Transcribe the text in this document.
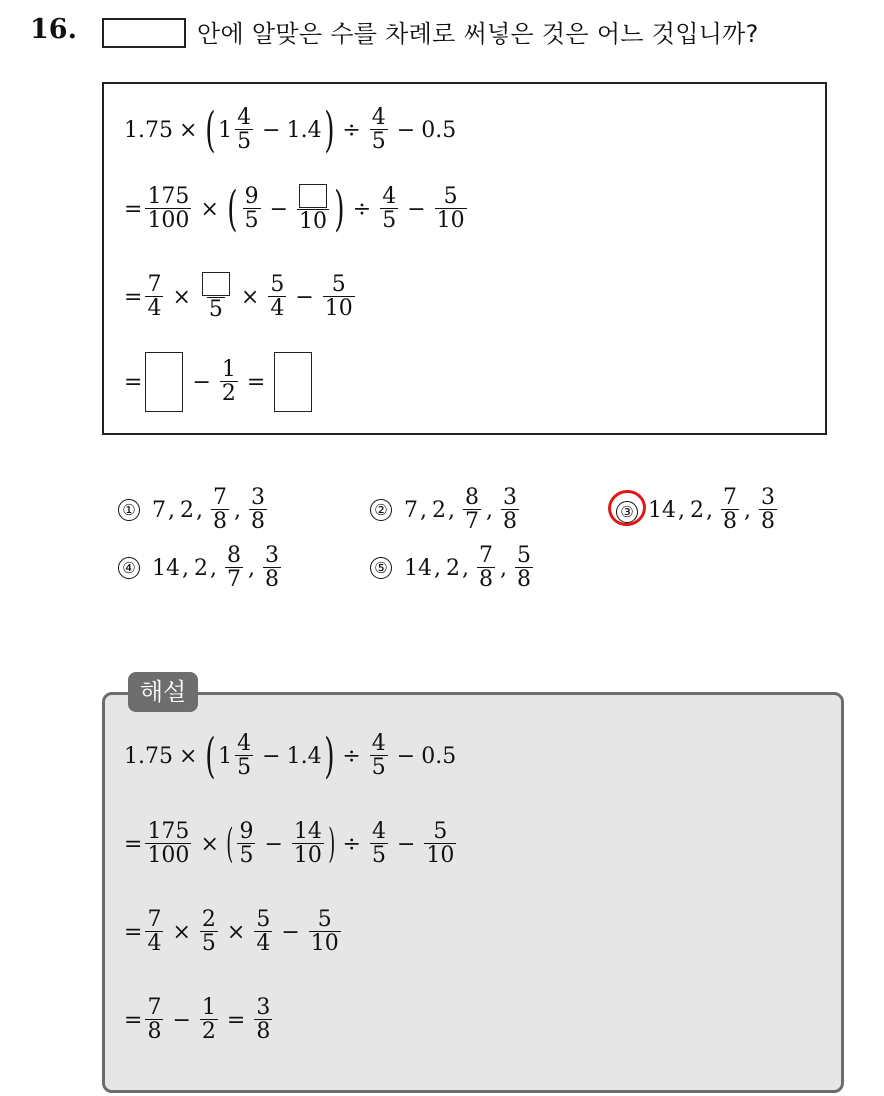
16.	안에 알맞은 수를 차례로 써넣은 것은 어느 것입니까?
1.75 × ( $1 \frac{4}{5} - 1.4$ ) ÷ $\frac{4}{5} - 0.5$
= $\frac{175}{100}$ × ( $\frac{9}{5} - 10$ ) ÷ $\frac{4}{5} - \frac{5}{10}$
= $\frac{7}{4} \times 5 \times \frac{5}{4} - \frac{5}{10}$
= − $\frac{1}{2}$ =
① 7 , 2 , $\frac{7}{8}$ , $\frac{3}{8}$	② 7 , 2 , $\frac{8}{7}$ , $\frac{3}{8}$	③ 14 , 2 , $\frac{7}{8}$ , $\frac{3}{8}$
④ 14 , 2 , $\frac{8}{7}$ , $\frac{3}{8}$	⑤ 14 , 2 , $\frac{7}{8}$ , $\frac{5}{8}$
해설
1.75 × ( $1 \frac{4}{5} - 1.4$ ) ÷ $\frac{4}{5} - 0.5$
= $\frac{175}{100}$ × ( $\frac{9}{5} - \frac{14}{10}$ ) ÷ $\frac{4}{5} - \frac{5}{10}$
= $\frac{7}{4} \times \frac{2}{5} \times \frac{5}{4} - \frac{5}{10}$
= $\frac{7}{8} - \frac{1}{2} = \frac{3}{8}$
